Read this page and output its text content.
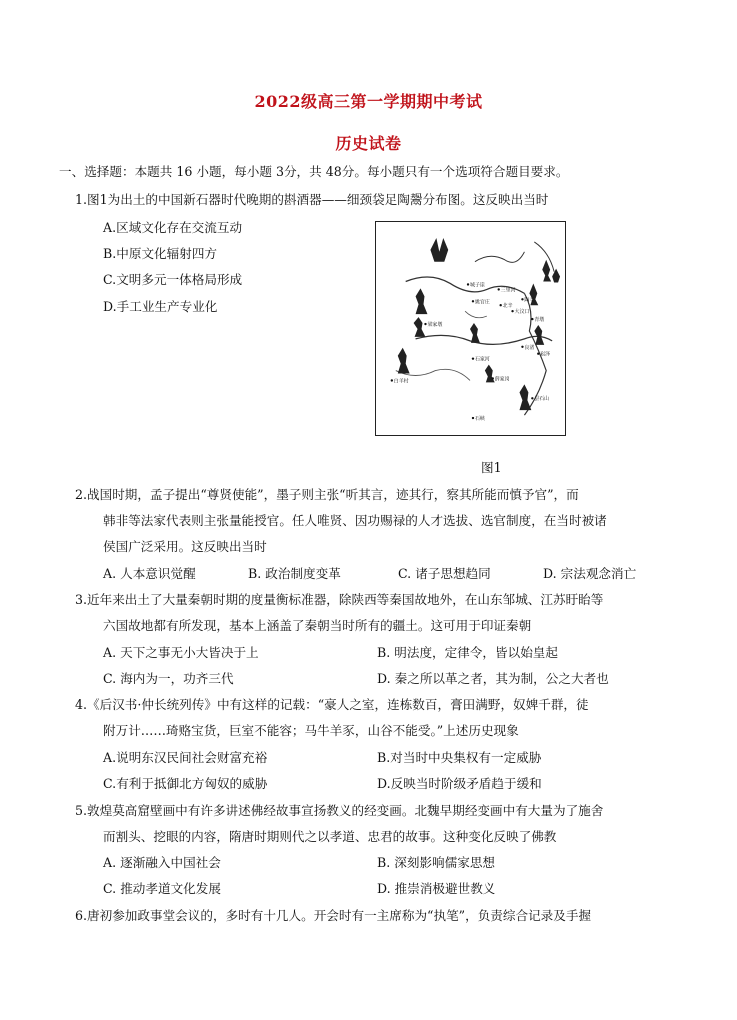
2022级高三第一学期期中考试
历史试卷
一、选择题：本题共 16 小题，每小题 3分，共 48分。每小题只有一个选项符合题目要求。
1.图1为出土的中国新石器时代晚期的斟酒器——细颈袋足陶鬶分布图。这反映出当时
A.区域文化存在交流互动
B.中原文化辐射四方
C.文明多元一体格局形成
D.手工业生产专业化
城子崖
三里河
陶寺
大汶口
姚官庄
北辛
梁家墩
青墩
良渚
石家河
崧泽
薛家岗
白羊村
昙石山
石峡
图1
2.战国时期，孟子提出“尊贤使能”，墨子则主张“听其言，迹其行，察其所能而慎予官”，而
韩非等法家代表则主张量能授官。任人唯贤、因功赐禄的人才选拔、选官制度，在当时被诸
侯国广泛采用。这反映出当时
A. 人本意识觉醒	B. 政治制度变革	C. 诸子思想趋同	D. 宗法观念消亡
3.近年来出土了大量秦朝时期的度量衡标准器，除陕西等秦国故地外，在山东邹城、江苏盱眙等
六国故地都有所发现，基本上涵盖了秦朝当时所有的疆土。这可用于印证秦朝
A. 天下之事无小大皆决于上	B. 明法度，定律令，皆以始皇起
C. 海内为一，功齐三代	D. 秦之所以革之者，其为制，公之大者也
4.《后汉书·仲长统列传》中有这样的记载：“豪人之室，连栋数百，膏田满野，奴婢千群，徒
附万计……琦赂宝货，巨室不能容；马牛羊豕，山谷不能受。”上述历史现象
A.说明东汉民间社会财富充裕	B.对当时中央集权有一定威胁
C.有利于抵御北方匈奴的威胁	D.反映当时阶级矛盾趋于缓和
5.敦煌莫高窟壁画中有许多讲述佛经故事宣扬教义的经变画。北魏早期经变画中有大量为了施舍
而割头、挖眼的内容，隋唐时期则代之以孝道、忠君的故事。这种变化反映了佛教
A. 逐渐融入中国社会	B. 深刻影响儒家思想
C. 推动孝道文化发展	D. 推崇消极避世教义
6.唐初参加政事堂会议的，多时有十几人。开会时有一主席称为“执笔”，负责综合记录及手握
